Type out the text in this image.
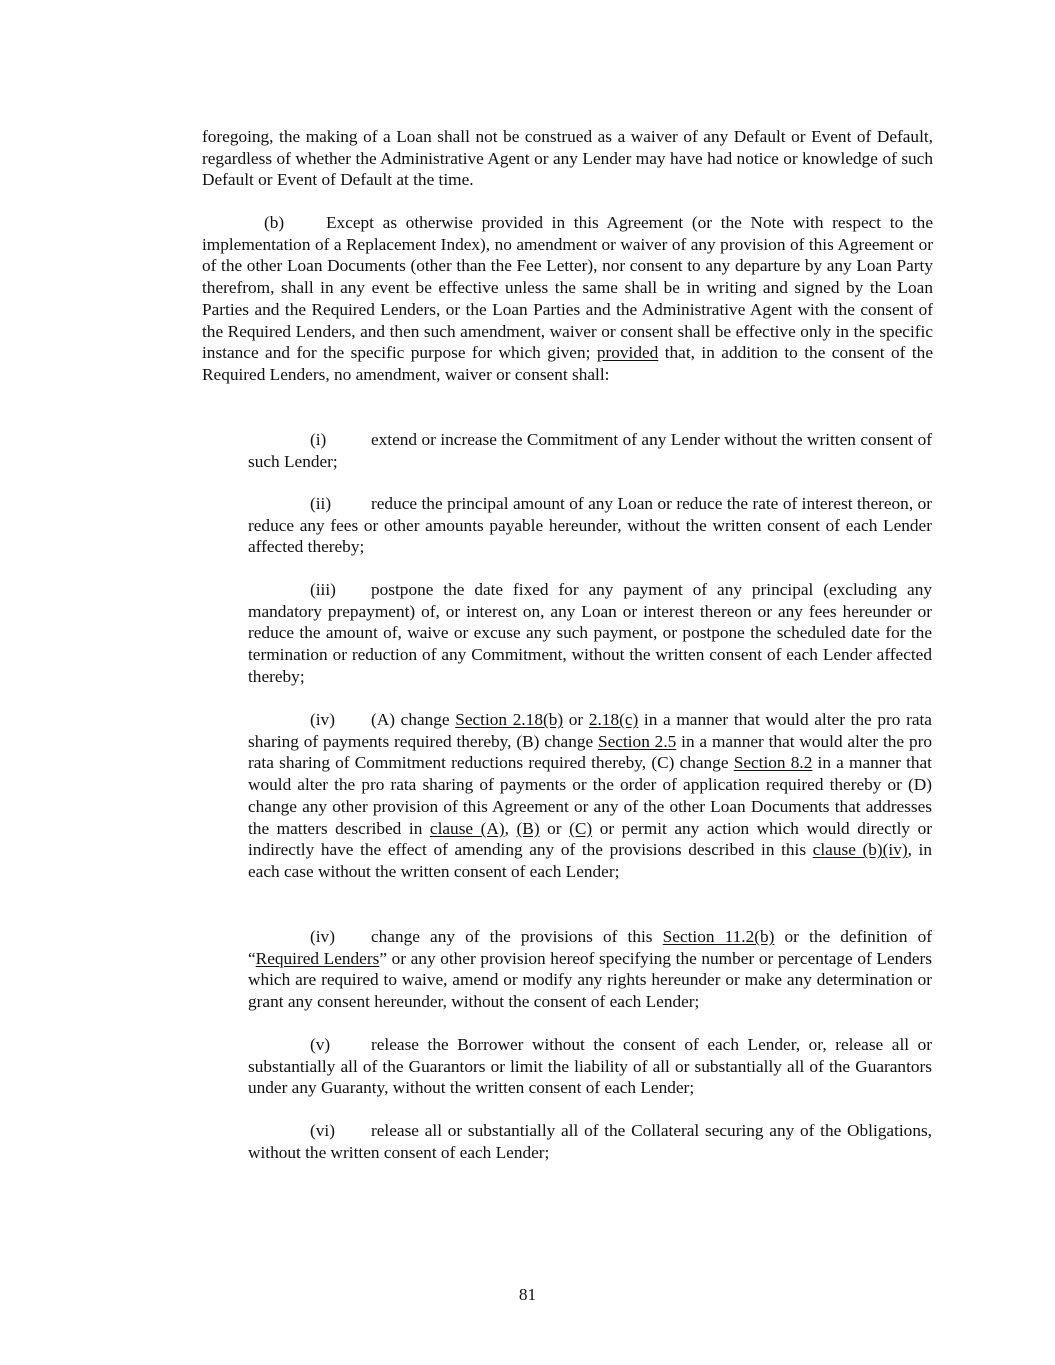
foregoing, the making of a Loan shall not be construed as a waiver of any Default or Event of Default, regardless of whether the Administrative Agent or any Lender may have had notice or knowledge of such Default or Event of Default at the time.

(b) Except as otherwise provided in this Agreement (or the Note with respect to the implementation of a Replacement Index), no amendment or waiver of any provision of this Agreement or of the other Loan Documents (other than the Fee Letter), nor consent to any departure by any Loan Party therefrom, shall in any event be effective unless the same shall be in writing and signed by the Loan Parties and the Required Lenders, or the Loan Parties and the Administrative Agent with the consent of the Required Lenders, and then such amendment, waiver or consent shall be effective only in the specific instance and for the specific purpose for which given; provided that, in addition to the consent of the Required Lenders, no amendment, waiver or consent shall:

(i)	extend or increase the Commitment of any Lender without the written consent of such Lender;

(ii) reduce the principal amount of any Loan or reduce the rate of interest thereon, or reduce any fees or other amounts payable hereunder, without the written consent of each Lender affected thereby;

(iii) postpone the date fixed for any payment of any principal (excluding any mandatory prepayment) of, or interest on, any Loan or interest thereon or any fees hereunder or reduce the amount of, waive or excuse any such payment, or postpone the scheduled date for the termination or reduction of any Commitment, without the written consent of each Lender affected thereby;

(iv) (A) change Section 2.18(b) or 2.18(c) in a manner that would alter the pro rata sharing of payments required thereby, (B) change Section 2.5 in a manner that would alter the pro rata sharing of Commitment reductions required thereby, (C) change Section 8.2 in a manner that would alter the pro rata sharing of payments or the order of application required thereby or (D) change any other provision of this Agreement or any of the other Loan Documents that addresses the matters described in clause (A), (B) or (C) or permit any action which would directly or indirectly have the effect of amending any of the provisions described in this clause (b)(iv), in each case without the written consent of each Lender;

(iv) change any of the provisions of this Section 11.2(b) or the definition of “Required Lenders” or any other provision hereof specifying the number or percentage of Lenders which are required to waive, amend or modify any rights hereunder or make any determination or grant any consent hereunder, without the consent of each Lender;

(v) release the Borrower without the consent of each Lender, or, release all or substantially all of the Guarantors or limit the liability of all or substantially all of the Guarantors under any Guaranty, without the written consent of each Lender;

(vi) release all or substantially all of the Collateral securing any of the Obligations, without the written consent of each Lender;

81
